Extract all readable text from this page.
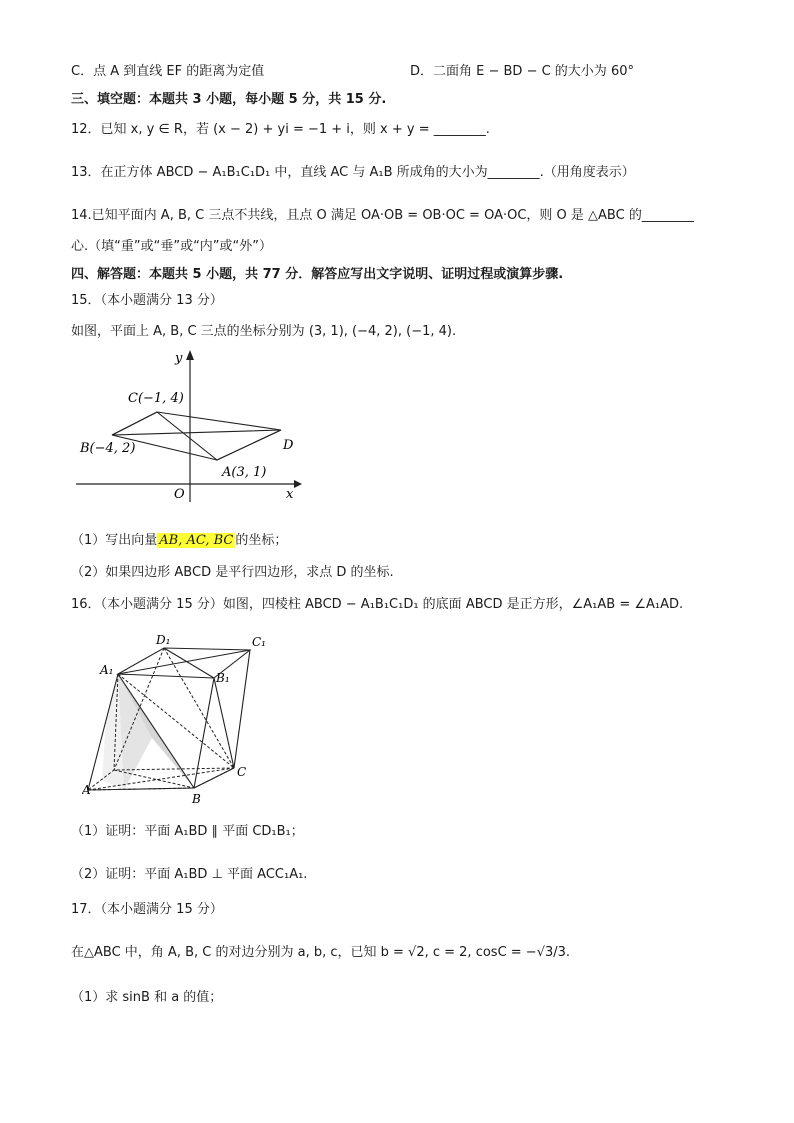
C．点 A 到直线 EF 的距离为定值	D．二面角 E − BD − C 的大小为 60°
三、填空题：本题共 3 小题，每小题 5 分，共 15 分.
12．已知 x, y ∈ R，若 (x − 2) + yi = −1 + i，则 x + y = ________.
13．在正方体 ABCD − A₁B₁C₁D₁ 中，直线 AC 与 A₁B 所成角的大小为________.（用角度表示）
14.已知平面内 A, B, C 三点不共线，且点 O 满足 OA·OB = OB·OC = OA·OC，则 O 是 △ABC 的________
心.（填“重”或“垂”或“内”或“外”）
四、解答题：本题共 5 小题，共 77 分．解答应写出文字说明、证明过程或演算步骤.
15．（本小题满分 13 分）
如图，平面上 A, B, C 三点的坐标分别为 (3, 1), (−4, 2), (−1, 4).
C(−1, 4)
B(−4, 2)
A(3, 1)
D
O	x
y
（1）写出向量 AB, AC, BC 的坐标；
（2）如果四边形 ABCD 是平行四边形，求点 D 的坐标.
16．（本小题满分 15 分）如图，四棱柱 ABCD − A₁B₁C₁D₁ 的底面 ABCD 是正方形，∠A₁AB = ∠A₁AD.
A₁
D₁	C₁
B₁
A
B
C
（1）证明：平面 A₁BD ∥ 平面 CD₁B₁；
（2）证明：平面 A₁BD ⊥ 平面 ACC₁A₁.
17．（本小题满分 15 分）
在△ABC 中，角 A, B, C 的对边分别为 a, b, c，已知 b = √2, c = 2, cosC = −√3/3.
（1）求 sinB 和 a 的值；
